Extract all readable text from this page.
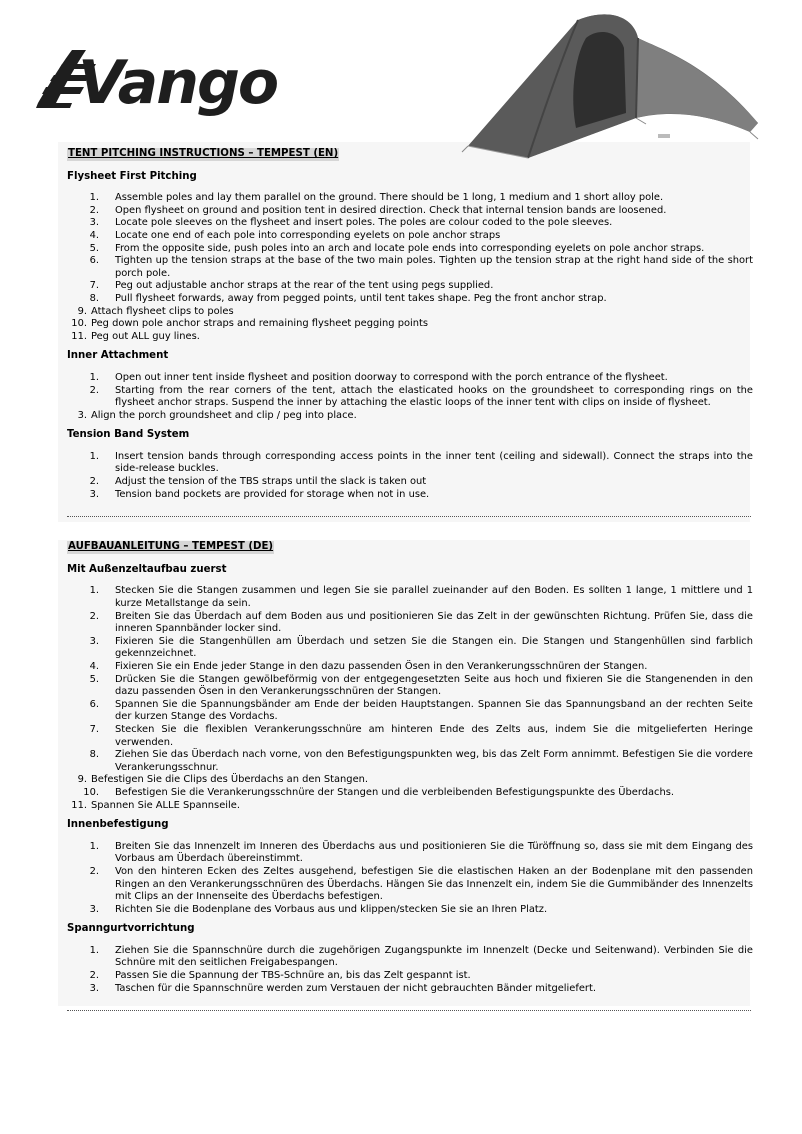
Vango
TENT PITCHING INSTRUCTIONS – TEMPEST (EN)
Flysheet First Pitching
1.	Assemble poles and lay them parallel on the ground. There should be 1 long, 1 medium and 1 short alloy pole.
2.	Open flysheet on ground and position tent in desired direction. Check that internal tension bands are loosened.
3.	Locate pole sleeves on the flysheet and insert poles. The poles are colour coded to the pole sleeves.
4.	Locate one end of each pole into corresponding eyelets on pole anchor straps
5.	From the opposite side, push poles into an arch and locate pole ends into corresponding eyelets on pole anchor straps.
6.	Tighten up the tension straps at the base of the two main poles. Tighten up the tension strap at the right hand side of the short porch pole.
7.	Peg out adjustable anchor straps at the rear of the tent using pegs supplied.
8.	Pull flysheet forwards, away from pegged points, until tent takes shape. Peg the front anchor strap.
9. Attach flysheet clips to poles
10. Peg down pole anchor straps and remaining flysheet pegging points
11. Peg out ALL guy lines.
Inner Attachment
1.	Open out inner tent inside flysheet and position doorway to correspond with the porch entrance of the flysheet.
2.	Starting from the rear corners of the tent, attach the elasticated hooks on the groundsheet to corresponding rings on the flysheet anchor straps. Suspend the inner by attaching the elastic loops of the inner tent with clips on inside of flysheet.
3. Align the porch groundsheet and clip / peg into place.
Tension Band System
1.	Insert tension bands through corresponding access points in the inner tent (ceiling and sidewall). Connect the straps into the side-release buckles.
2.	Adjust the tension of the TBS straps until the slack is taken out
3.	Tension band pockets are provided for storage when not in use.
AUFBAUANLEITUNG – TEMPEST (DE)
Mit Außenzeltaufbau zuerst
1.	Stecken Sie die Stangen zusammen und legen Sie sie parallel zueinander auf den Boden. Es sollten 1 lange, 1 mittlere und 1 kurze Metallstange da sein.
2.	Breiten Sie das Überdach auf dem Boden aus und positionieren Sie das Zelt in der gewünschten Richtung. Prüfen Sie, dass die inneren Spannbänder locker sind.
3.	Fixieren Sie die Stangenhüllen am Überdach und setzen Sie die Stangen ein. Die Stangen und Stangenhüllen sind farblich gekennzeichnet.
4.	Fixieren Sie ein Ende jeder Stange in den dazu passenden Ösen in den Verankerungsschnüren der Stangen.
5.	Drücken Sie die Stangen gewölbeförmig von der entgegengesetzten Seite aus hoch und fixieren Sie die Stangenenden in den dazu passenden Ösen in den Verankerungsschnüren der Stangen.
6.	Spannen Sie die Spannungsbänder am Ende der beiden Hauptstangen. Spannen Sie das Spannungsband an der rechten Seite der kurzen Stange des Vordachs.
7.	Stecken Sie die flexiblen Verankerungsschnüre am hinteren Ende des Zelts aus, indem Sie die mitgelieferten Heringe verwenden.
8.	Ziehen Sie das Überdach nach vorne, von den Befestigungspunkten weg, bis das Zelt Form annimmt. Befestigen Sie die vordere Verankerungsschnur.
9. Befestigen Sie die Clips des Überdachs an den Stangen.
10.	Befestigen Sie die Verankerungsschnüre der Stangen und die verbleibenden Befestigungspunkte des Überdachs.
11. Spannen Sie ALLE Spannseile.
Innenbefestigung
1.	Breiten Sie das Innenzelt im Inneren des Überdachs aus und positionieren Sie die Türöffnung so, dass sie mit dem Eingang des Vorbaus am Überdach übereinstimmt.
2.	Von den hinteren Ecken des Zeltes ausgehend, befestigen Sie die elastischen Haken an der Bodenplane mit den passenden Ringen an den Verankerungsschnüren des Überdachs. Hängen Sie das Innenzelt ein, indem Sie die Gummibänder des Innenzelts mit Clips an der Innenseite des Überdachs befestigen.
3.	Richten Sie die Bodenplane des Vorbaus aus und klippen/stecken Sie sie an Ihren Platz.
Spanngurtvorrichtung
1.	Ziehen Sie die Spannschnüre durch die zugehörigen Zugangspunkte im Innenzelt (Decke und Seitenwand). Verbinden Sie die Schnüre mit den seitlichen Freigabespangen.
2.	Passen Sie die Spannung der TBS-Schnüre an, bis das Zelt gespannt ist.
3.	Taschen für die Spannschnüre werden zum Verstauen der nicht gebrauchten Bänder mitgeliefert.
